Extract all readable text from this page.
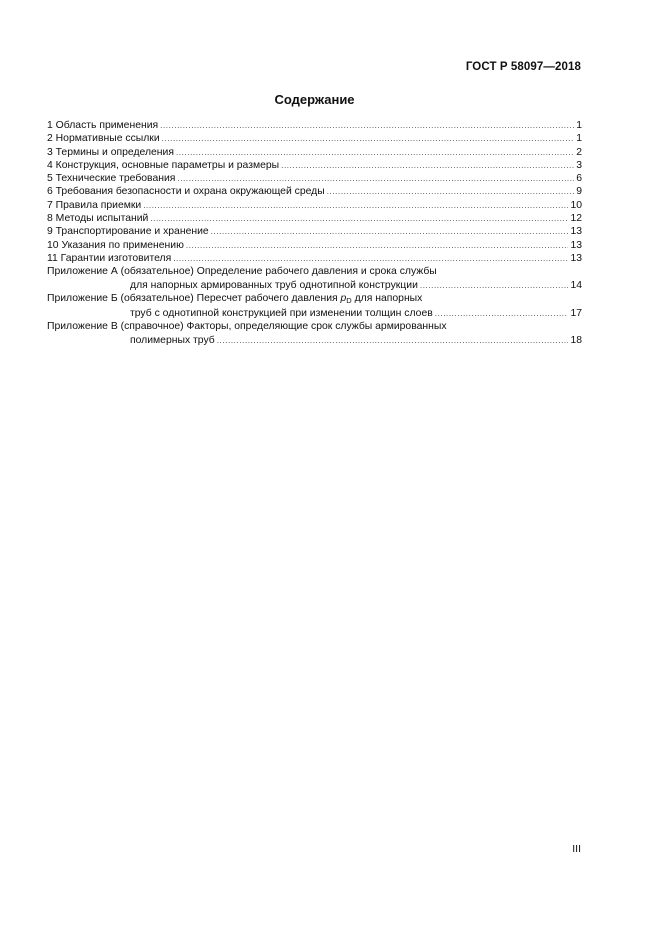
ГОСТ Р 58097—2018
Содержание
1 Область применения .....	1
2 Нормативные ссылки .....	1
3 Термины и определения .....	2
4 Конструкция, основные параметры и размеры .....	3
5 Технические требования .....	6
6 Требования безопасности и охрана окружающей среды .....	9
7 Правила приемки .....	10
8 Методы испытаний .....	12
9 Транспортирование и хранение .....	13
10 Указания по применению .....	13
11 Гарантии изготовителя .....	13
Приложение А (обязательное) Определение рабочего давления и срока службы
для напорных армированных труб однотипной конструкции .....	14
Приложение Б (обязательное) Пересчет рабочего давления $p_D$ для напорных
труб с однотипной конструкцией при изменении толщин слоев .....	17
Приложение В (справочное) Факторы, определяющие срок службы армированных
полимерных труб .....	18
III
